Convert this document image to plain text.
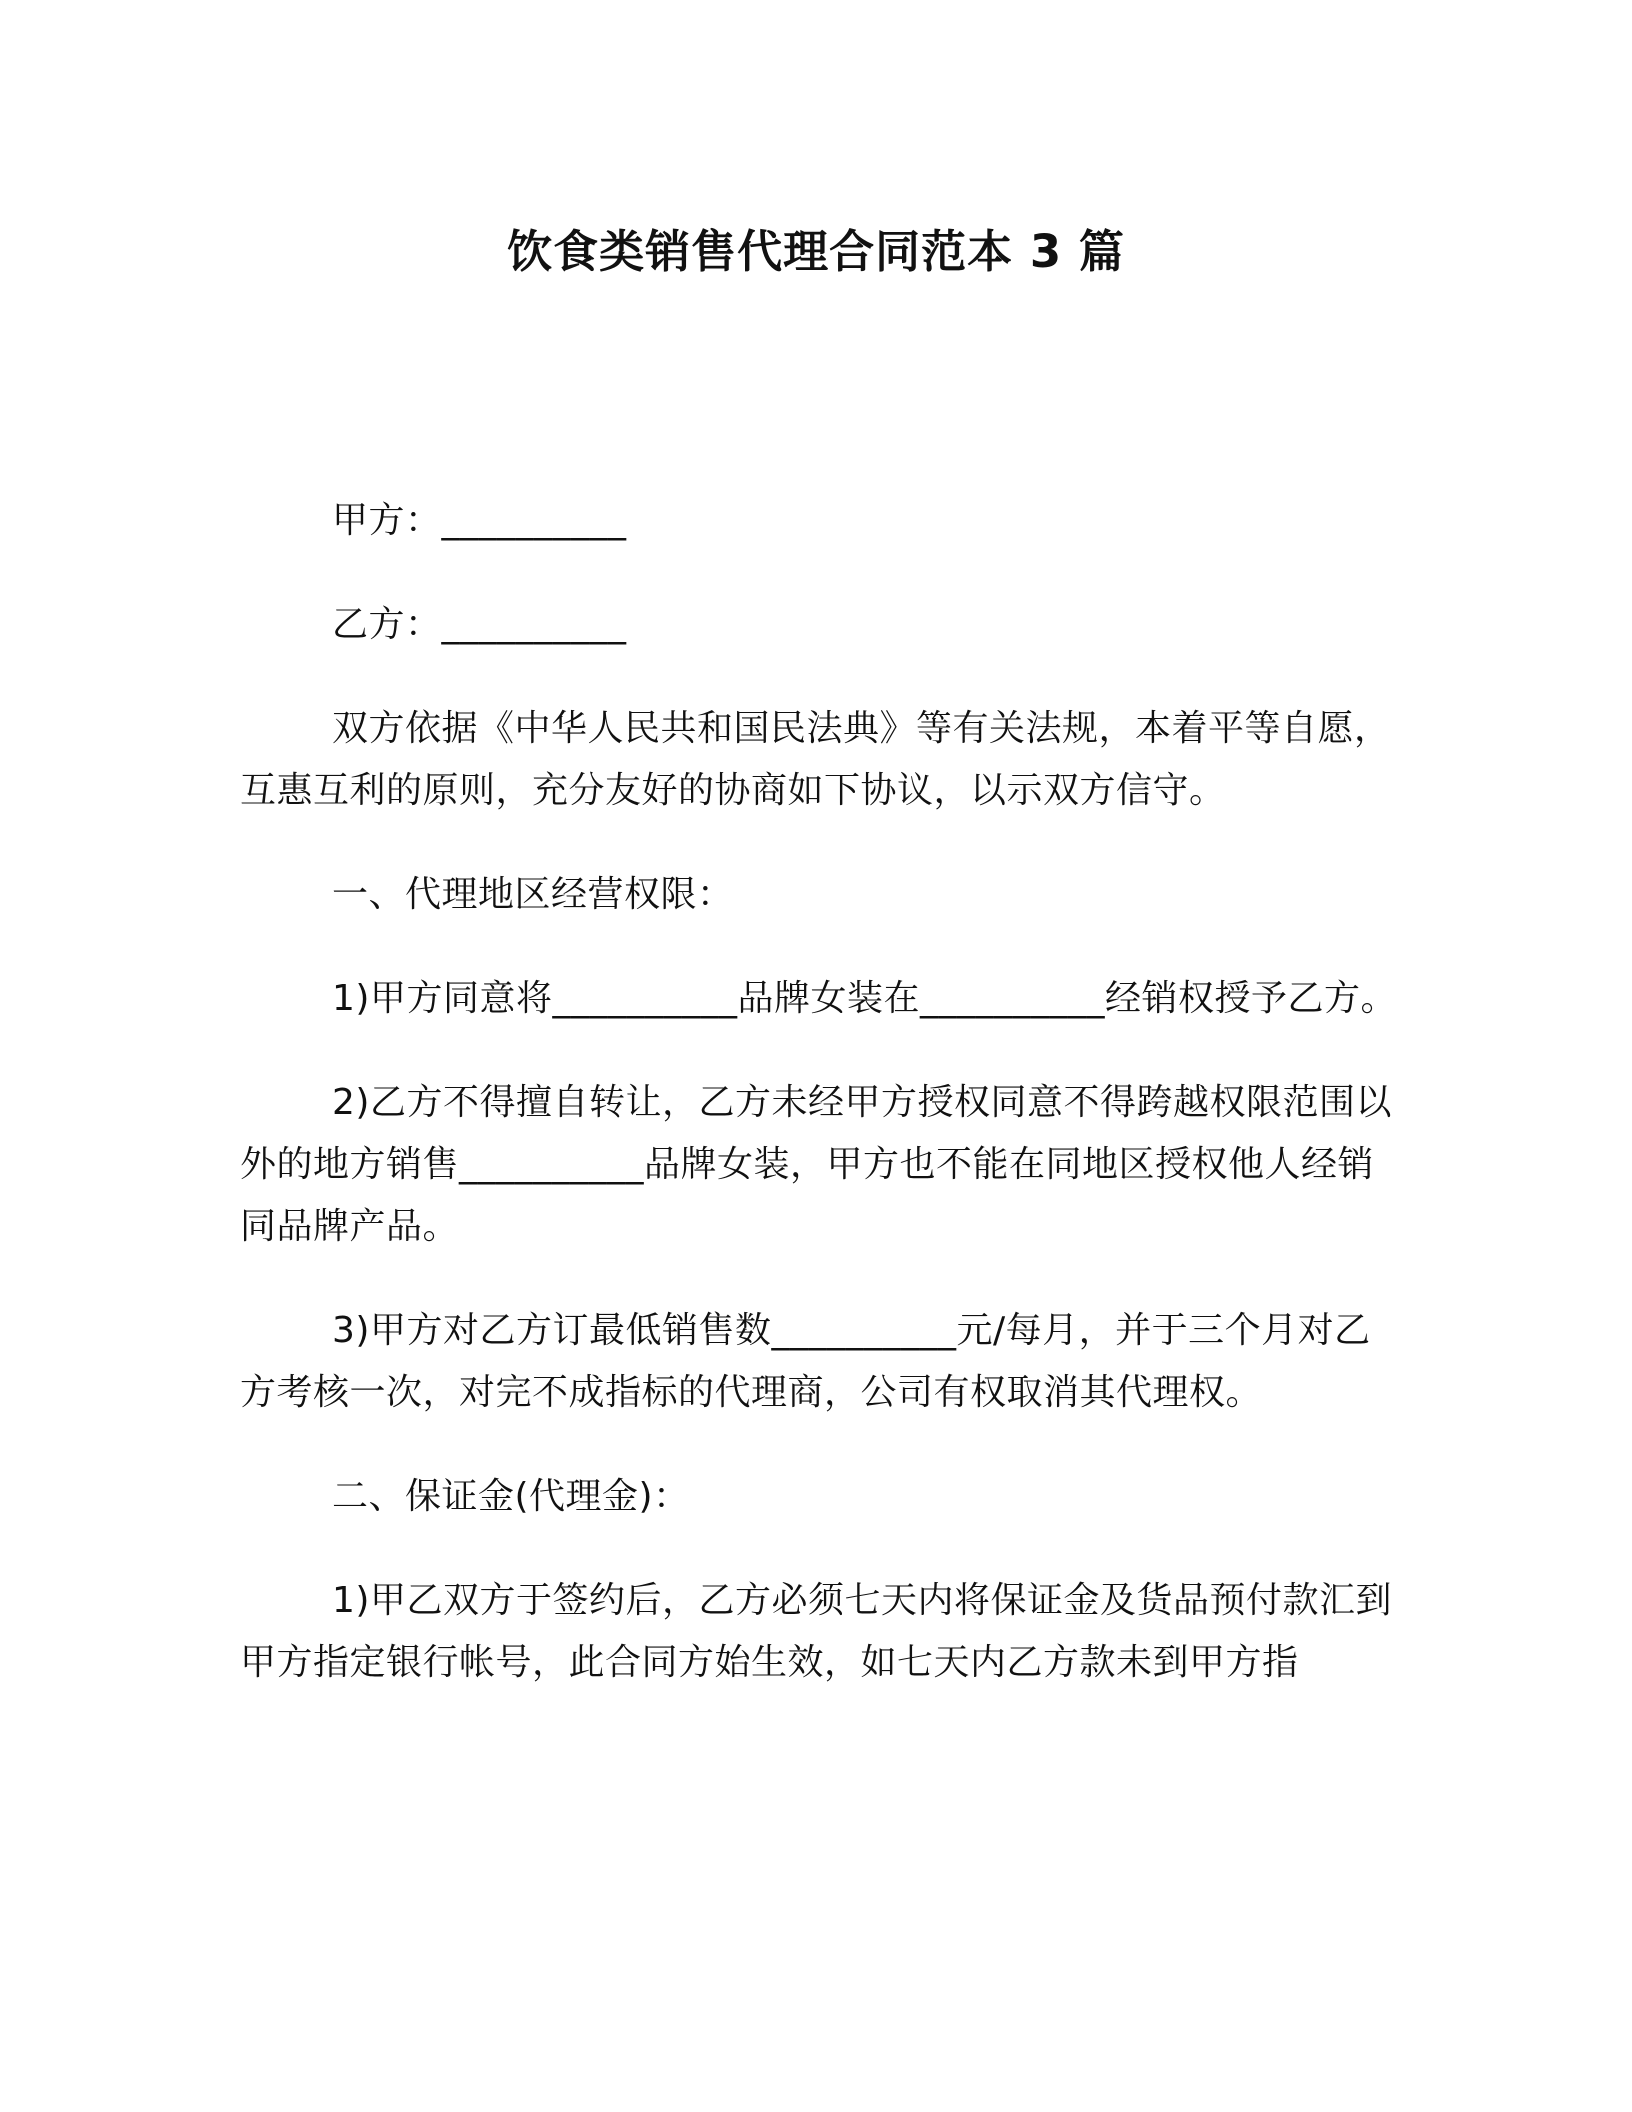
饮食类销售代理合同范本 3 篇

甲方：__________

乙方：__________

双方依据《中华人民共和国民法典》等有关法规，本着平等自愿，互惠互利的原则，充分友好的协商如下协议，以示双方信守。

一、代理地区经营权限：

1)甲方同意将__________品牌女装在__________经销权授予乙方。

2)乙方不得擅自转让，乙方未经甲方授权同意不得跨越权限范围以外的地方销售__________品牌女装，甲方也不能在同地区授权他人经销同品牌产品。

3)甲方对乙方订最低销售数__________元/每月，并于三个月对乙方考核一次，对完不成指标的代理商，公司有权取消其代理权。

二、保证金(代理金)：

1)甲乙双方于签约后，乙方必须七天内将保证金及货品预付款汇到甲方指定银行帐号，此合同方始生效，如七天内乙方款未到甲方指
